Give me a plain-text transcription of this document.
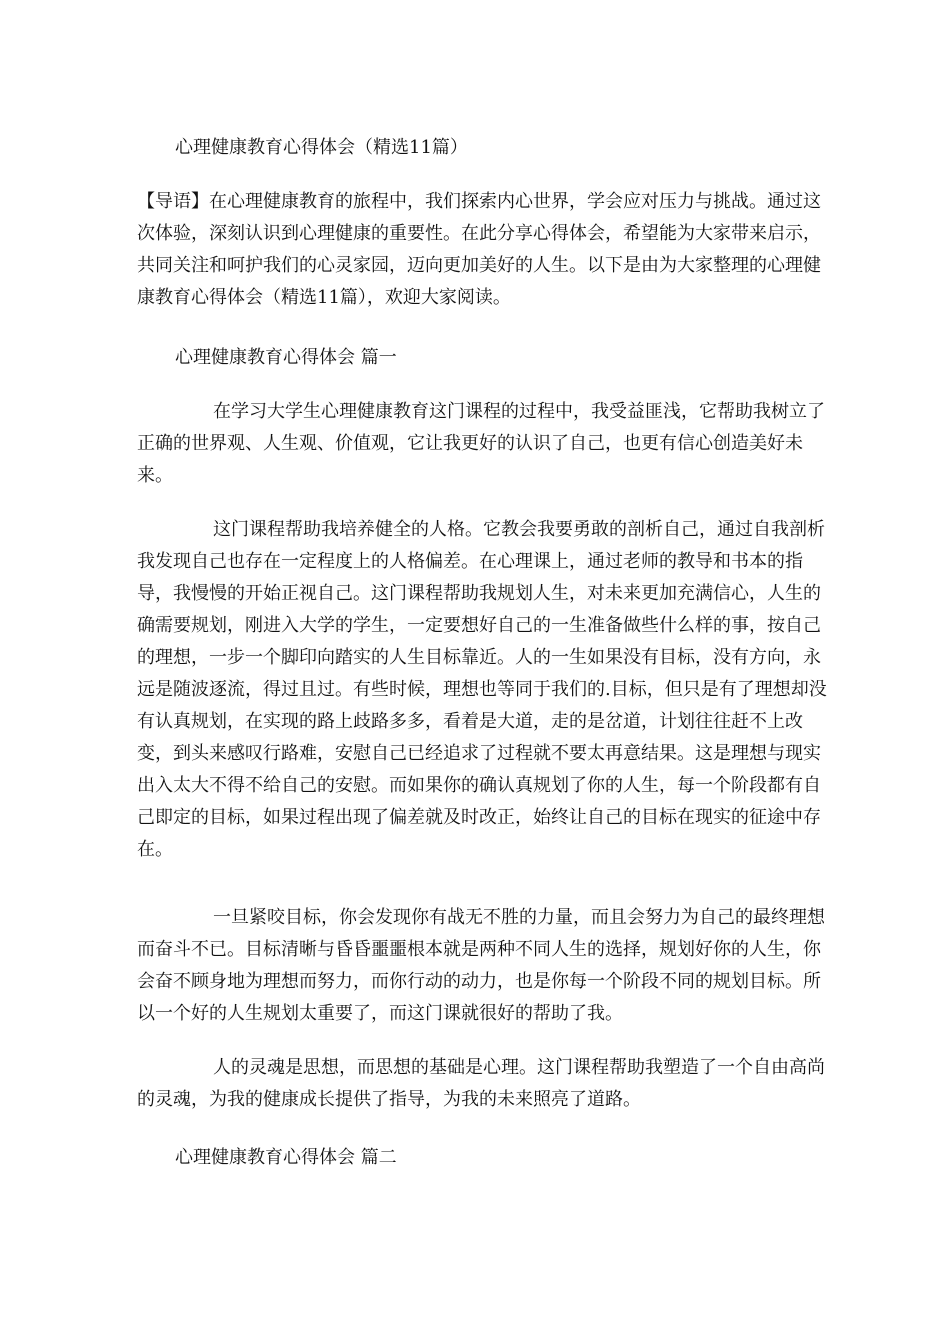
心理健康教育心得体会（精选11篇）

【导语】在心理健康教育的旅程中，我们探索内心世界，学会应对压力与挑战。通过这次体验，深刻认识到心理健康的重要性。在此分享心得体会，希望能为大家带来启示，共同关注和呵护我们的心灵家园，迈向更加美好的人生。以下是由为大家整理的心理健康教育心得体会（精选11篇），欢迎大家阅读。

心理健康教育心得体会 篇一

在学习大学生心理健康教育这门课程的过程中，我受益匪浅，它帮助我树立了正确的世界观、人生观、价值观，它让我更好的认识了自己，也更有信心创造美好未来。

这门课程帮助我培养健全的人格。它教会我要勇敢的剖析自己，通过自我剖析我发现自己也存在一定程度上的人格偏差。在心理课上，通过老师的教导和书本的指导，我慢慢的开始正视自己。这门课程帮助我规划人生，对未来更加充满信心，人生的确需要规划，刚进入大学的学生，一定要想好自己的一生准备做些什么样的事，按自己的理想，一步一个脚印向踏实的人生目标靠近。人的一生如果没有目标，没有方向，永远是随波逐流，得过且过。有些时候，理想也等同于我们的.目标，但只是有了理想却没有认真规划，在实现的路上歧路多多，看着是大道，走的是岔道，计划往往赶不上改变，到头来感叹行路难，安慰自己已经追求了过程就不要太再意结果。这是理想与现实出入太大不得不给自己的安慰。而如果你的确认真规划了你的人生，每一个阶段都有自己即定的目标，如果过程出现了偏差就及时改正，始终让自己的目标在现实的征途中存在。

一旦紧咬目标，你会发现你有战无不胜的力量，而且会努力为自己的最终理想而奋斗不已。目标清晰与昏昏噩噩根本就是两种不同人生的选择，规划好你的人生，你会奋不顾身地为理想而努力，而你行动的动力，也是你每一个阶段不同的规划目标。所以一个好的人生规划太重要了，而这门课就很好的帮助了我。

人的灵魂是思想，而思想的基础是心理。这门课程帮助我塑造了一个自由高尚的灵魂，为我的健康成长提供了指导，为我的未来照亮了道路。

心理健康教育心得体会 篇二
